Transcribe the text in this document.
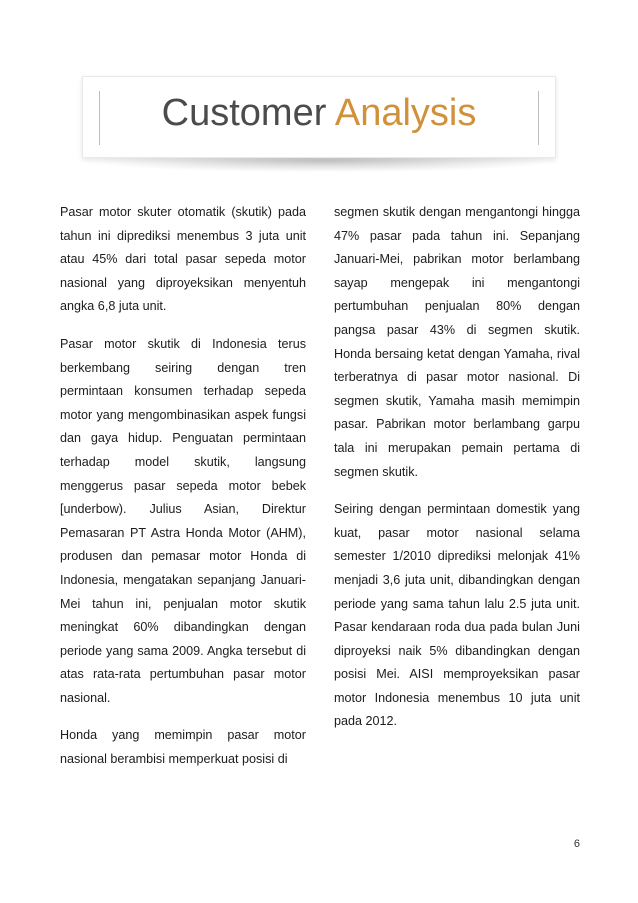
Customer Analysis

Pasar motor skuter otomatik (skutik) pada tahun ini diprediksi menembus 3 juta unit atau 45% dari total pasar sepeda motor nasional yang diproyeksikan menyentuh angka 6,8 juta unit.

Pasar motor skutik di Indonesia terus berkembang seiring dengan tren permintaan konsumen terhadap sepeda motor yang mengombinasikan aspek fungsi dan gaya hidup. Penguatan permintaan terhadap model skutik, langsung menggerus pasar sepeda motor bebek [underbow). Julius Asian, Direktur Pemasaran PT Astra Honda Motor (AHM), produsen dan pemasar motor Honda di Indonesia, mengatakan sepanjang Januari-Mei tahun ini, penjualan motor skutik meningkat 60% dibandingkan dengan periode yang sama 2009. Angka tersebut di atas rata-rata pertumbuhan pasar motor nasional.

Honda yang memimpin pasar motor nasional berambisi memperkuat posisi di

segmen skutik dengan mengantongi hingga 47% pasar pada tahun ini. Sepanjang Januari-Mei, pabrikan motor berlambang sayap mengepak ini mengantongi pertumbuhan penjualan 80% dengan pangsa pasar 43% di segmen skutik. Honda bersaing ketat dengan Yamaha, rival terberatnya di pasar motor nasional. Di segmen skutik, Yamaha masih memimpin pasar. Pabrikan motor berlambang garpu tala ini merupakan pemain pertama di segmen skutik.

Seiring dengan permintaan domestik yang kuat, pasar motor nasional selama semester 1/2010 diprediksi melonjak 41% menjadi 3,6 juta unit, dibandingkan dengan periode yang sama tahun lalu 2.5 juta unit. Pasar kendaraan roda dua pada bulan Juni diproyeksi naik 5% dibandingkan dengan posisi Mei. AISI memproyeksikan pasar motor Indonesia menembus 10 juta unit pada 2012.

6
